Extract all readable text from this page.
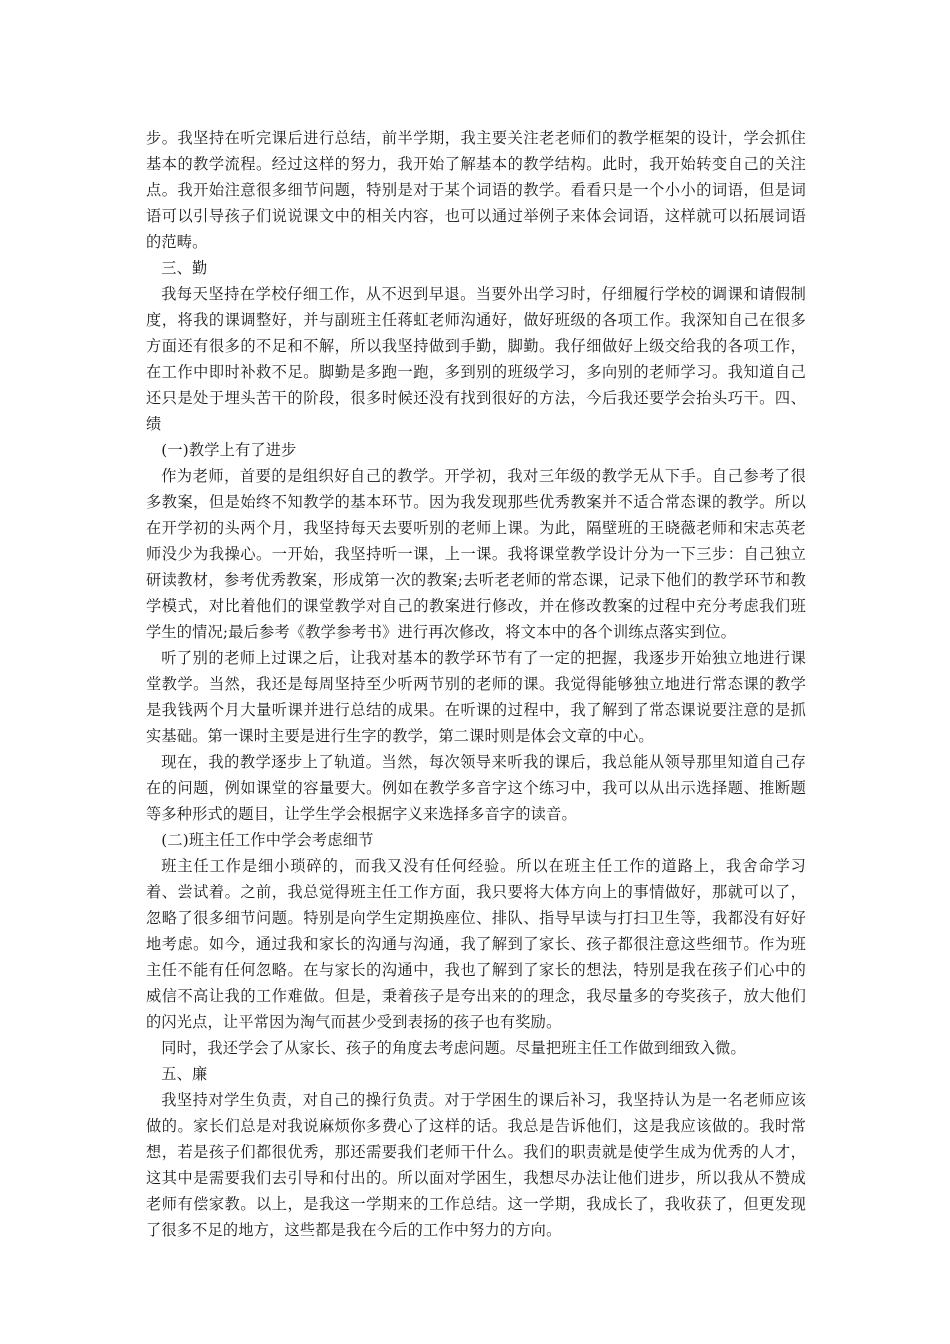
步。我坚持在听完课后进行总结，前半学期，我主要关注老老师们的教学框架的设计，学会抓住基本的教学流程。经过这样的努力，我开始了解基本的教学结构。此时，我开始转变自己的关注点。我开始注意很多细节问题，特别是对于某个词语的教学。看看只是一个小小的词语，但是词语可以引导孩子们说说课文中的相关内容，也可以通过举例子来体会词语，这样就可以拓展词语的范畴。

三、勤

我每天坚持在学校仔细工作，从不迟到早退。当要外出学习时，仔细履行学校的调课和请假制度，将我的课调整好，并与副班主任蒋虹老师沟通好，做好班级的各项工作。我深知自己在很多方面还有很多的不足和不解，所以我坚持做到手勤，脚勤。我仔细做好上级交给我的各项工作，在工作中即时补救不足。脚勤是多跑一跑，多到别的班级学习，多向别的老师学习。我知道自己还只是处于埋头苦干的阶段，很多时候还没有找到很好的方法，今后我还要学会抬头巧干。四、绩

(一)教学上有了进步

作为老师，首要的是组织好自己的教学。开学初，我对三年级的教学无从下手。自己参考了很多教案，但是始终不知教学的基本环节。因为我发现那些优秀教案并不适合常态课的教学。所以在开学初的头两个月，我坚持每天去要听别的老师上课。为此，隔壁班的王晓薇老师和宋志英老师没少为我操心。一开始，我坚持听一课，上一课。我将课堂教学设计分为一下三步：自己独立研读教材，参考优秀教案，形成第一次的教案;去听老老师的常态课，记录下他们的教学环节和教学模式，对比着他们的课堂教学对自己的教案进行修改，并在修改教案的过程中充分考虑我们班学生的情况;最后参考《教学参考书》进行再次修改，将文本中的各个训练点落实到位。

听了别的老师上过课之后，让我对基本的教学环节有了一定的把握，我逐步开始独立地进行课堂教学。当然，我还是每周坚持至少听两节别的老师的课。我觉得能够独立地进行常态课的教学是我钱两个月大量听课并进行总结的成果。在听课的过程中，我了解到了常态课说要注意的是抓实基础。第一课时主要是进行生字的教学，第二课时则是体会文章的中心。

现在，我的教学逐步上了轨道。当然，每次领导来听我的课后，我总能从领导那里知道自己存在的问题，例如课堂的容量要大。例如在教学多音字这个练习中，我可以从出示选择题、推断题等多种形式的题目，让学生学会根据字义来选择多音字的读音。

(二)班主任工作中学会考虑细节

班主任工作是细小琐碎的，而我又没有任何经验。所以在班主任工作的道路上，我舍命学习着、尝试着。之前，我总觉得班主任工作方面，我只要将大体方向上的事情做好，那就可以了，忽略了很多细节问题。特别是向学生定期换座位、排队、指导早读与打扫卫生等，我都没有好好地考虑。如今，通过我和家长的沟通与沟通，我了解到了家长、孩子都很注意这些细节。作为班主任不能有任何忽略。在与家长的沟通中，我也了解到了家长的想法，特别是我在孩子们心中的威信不高让我的工作难做。但是，秉着孩子是夸出来的的理念，我尽量多的夸奖孩子，放大他们的闪光点，让平常因为淘气而甚少受到表扬的孩子也有奖励。

同时，我还学会了从家长、孩子的角度去考虑问题。尽量把班主任工作做到细致入微。

五、廉

我坚持对学生负责，对自己的操行负责。对于学困生的课后补习，我坚持认为是一名老师应该做的。家长们总是对我说麻烦你多费心了这样的话。我总是告诉他们，这是我应该做的。我时常想，若是孩子们都很优秀，那还需要我们老师干什么。我们的职责就是使学生成为优秀的人才，这其中是需要我们去引导和付出的。所以面对学困生，我想尽办法让他们进步，所以我从不赞成老师有偿家教。以上，是我这一学期来的工作总结。这一学期，我成长了，我收获了，但更发现了很多不足的地方，这些都是我在今后的工作中努力的方向。
